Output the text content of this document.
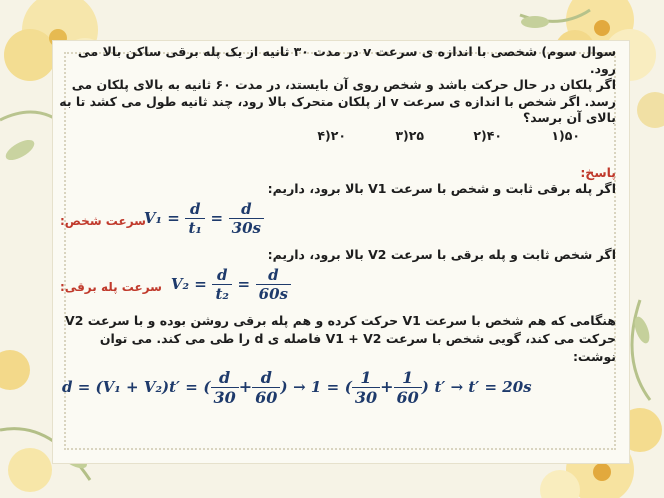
سوال سوم) شخصی با اندازه ی سرعت v در مدت ۳۰ ثانیه از یک پله برقی ساکن بالا می رود.
اگر پلکان در حال حرکت باشد و شخص روی آن بایستد، در مدت ۶۰ ثانیه به بالای پلکان می
رسد. اگر شخص با اندازه ی سرعت v از پلکان متحرک بالا رود، چند ثانیه طول می کشد تا به
بالای آن برسد؟
۵۰(۱
۴۰(۲
۲۵(۳
۲۰(۴
پاسخ:
اگر پله برقی ثابت و شخص با سرعت V1 بالا برود، داریم:
$V_1 = \frac{d}{\text{t₁}} = \frac{d}{30s}$
سرعت شخص:
اگر شخص ثابت و پله برقی با سرعت V2 بالا برود، داریم:
$V_2 = \frac{d}{\text{t₂}} = \frac{d}{60s}$
سرعت پله برقی:
هنگامی که هم شخص با سرعت V1 حرکت کرده و هم پله برقی روشن بوده و با سرعت V2
حرکت می کند، گویی شخص با سرعت V1 + V2 فاصله ی d را طی می کند. می توان نوشت:
d = (V₁ + V₂)t′ = ( $\frac{d}{30} + \frac{d}{60}$ ) → 1 = ( $\frac{1}{30} + \frac{1}{60}$ ) t′ → t′ = 20s
